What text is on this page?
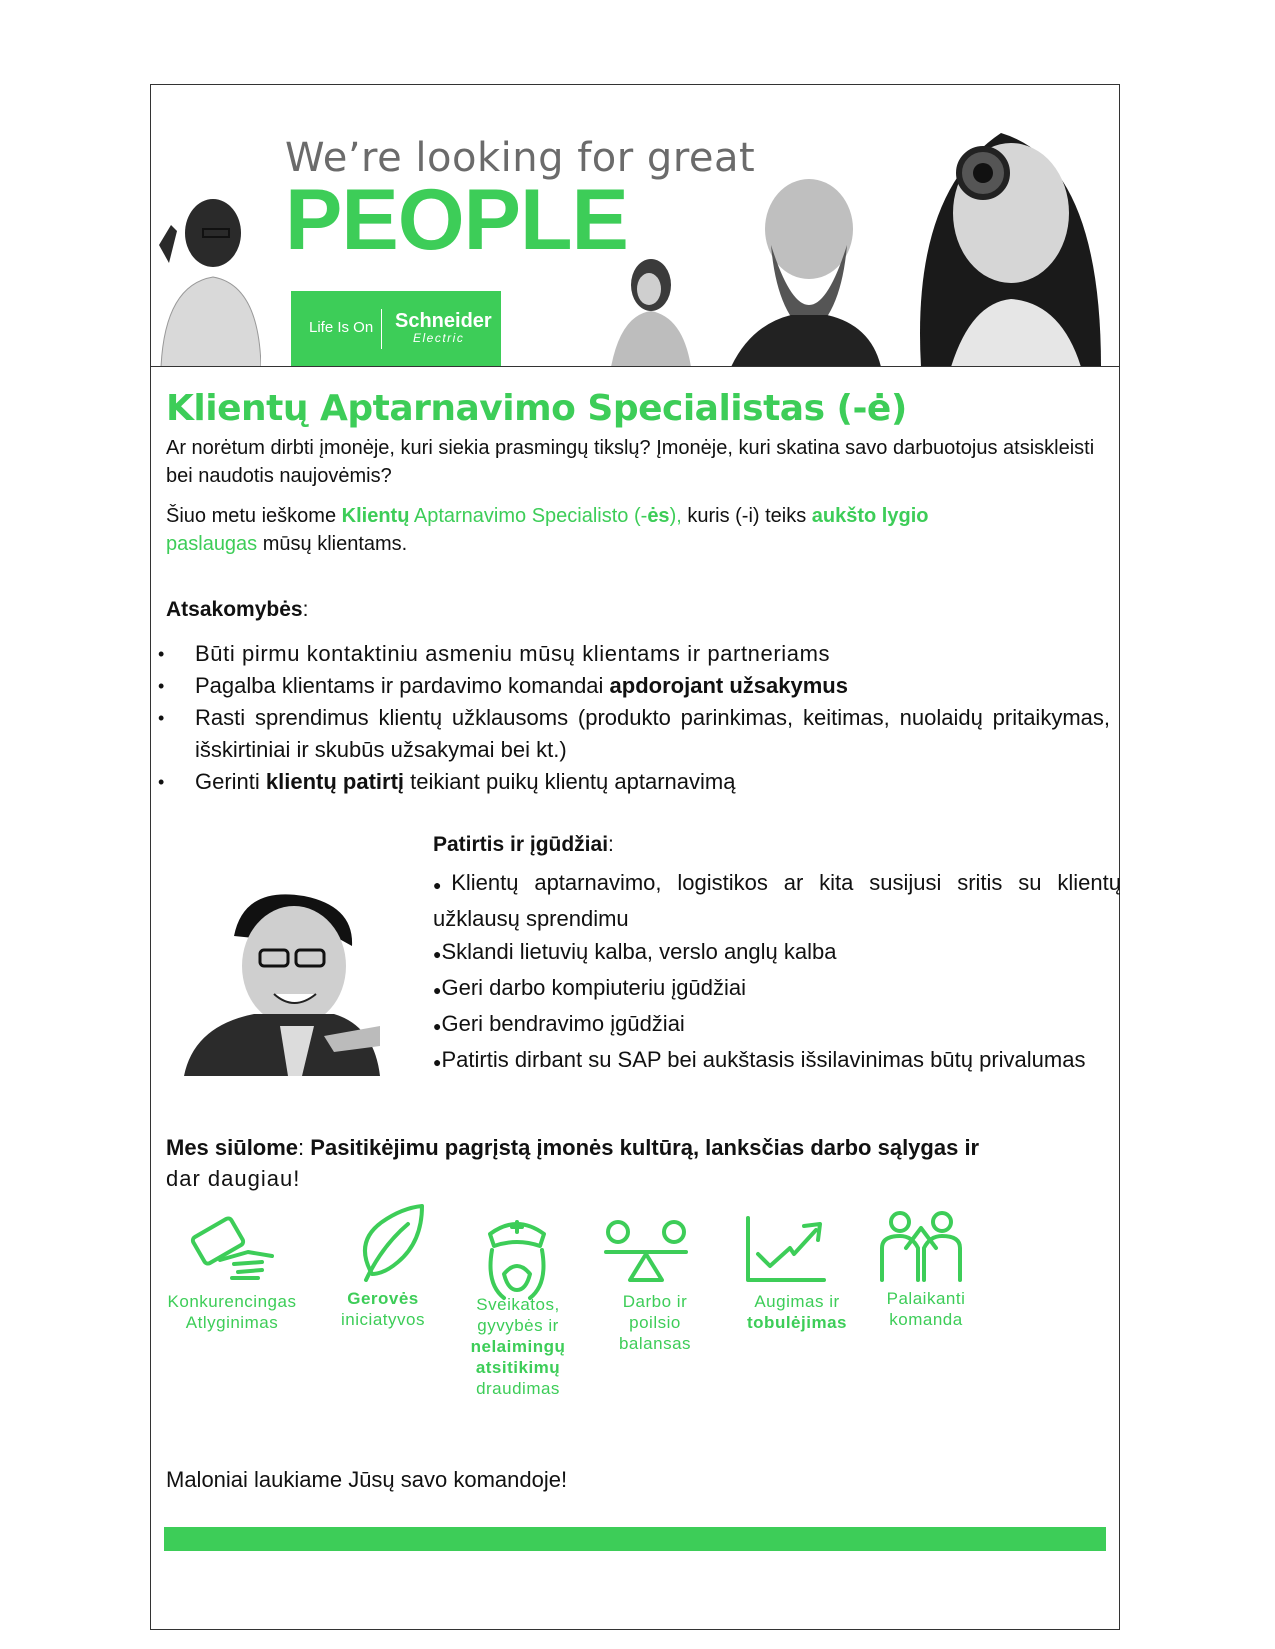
We’re looking for great
PEOPLE
Life Is On Schneider
Electric
Klientų Aptarnavimo Specialistas (-ė)
Ar norėtum dirbti įmonėje, kuri siekia prasmingų tikslų? Įmonėje, kuri skatina savo darbuotojus atsiskleisti bei naudotis naujovėmis?
Šiuo metu ieškome Klientų Aptarnavimo Specialisto (-ės), kuris (-i) teiks aukšto lygio
paslaugas mūsų klientams.
Atsakomybės:
• Būti pirmu kontaktiniu asmeniu mūsų klientams ir partneriams
• Pagalba klientams ir pardavimo komandai apdorojant užsakymus
• Rasti sprendimus klientų užklausoms (produkto parinkimas, keitimas, nuolaidų pritaikymas, išskirtiniai ir skubūs užsakymai bei kt.)
• Gerinti klientų patirtį teikiant puikų klientų aptarnavimą
Patirtis ir įgūdžiai:
●Klientų aptarnavimo, logistikos ar kita susijusi sritis su klientų užklausų sprendimu
●Sklandi lietuvių kalba, verslo anglų kalba
●Geri darbo kompiuteriu įgūdžiai
●Geri bendravimo įgūdžiai
●Patirtis dirbant su SAP bei aukštasis išsilavinimas būtų privalumas
Mes siūlome: Pasitikėjimu pagrįstą įmonės kultūrą, lanksčias darbo sąlygas ir
dar daugiau!
Konkurencingas
Atlyginimas
Gerovės
iniciatyvos
Sveikatos,
gyvybės ir
nelaimingų
atsitikimų
draudimas
Darbo ir
poilsio
balansas
Augimas ir
tobulėjimas
Palaikanti
komanda
Maloniai laukiame Jūsų savo komandoje!
